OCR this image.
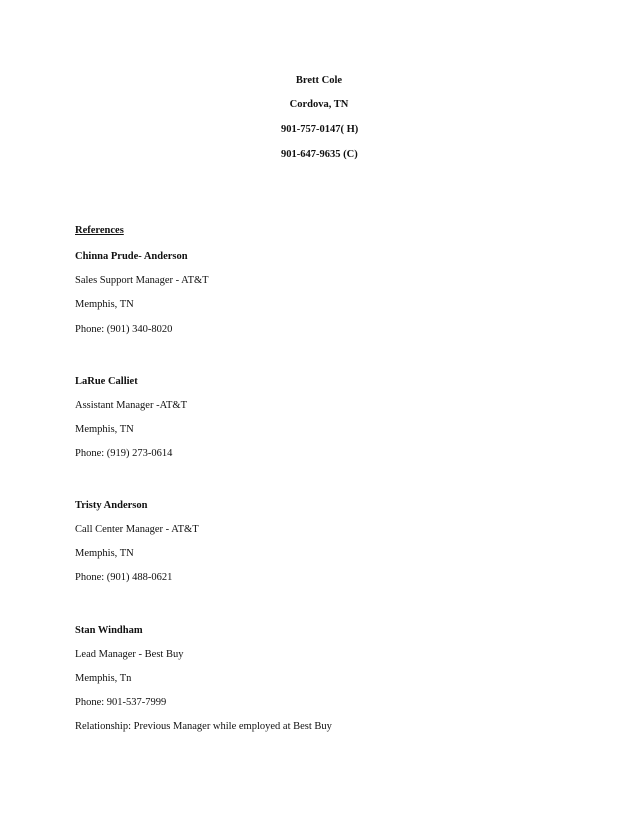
Brett Cole
Cordova, TN
901-757-0147( H)
901-647-9635 (C)
References
Chinna Prude- Anderson
Sales Support Manager - AT&T
Memphis, TN
Phone: (901) 340-8020
LaRue Calliet
Assistant Manager -AT&T
Memphis, TN
Phone: (919) 273-0614
Tristy Anderson
Call Center Manager - AT&T
Memphis, TN
Phone: (901) 488-0621
Stan Windham
Lead Manager - Best Buy
Memphis, Tn
Phone: 901-537-7999
Relationship: Previous Manager while employed at Best Buy
